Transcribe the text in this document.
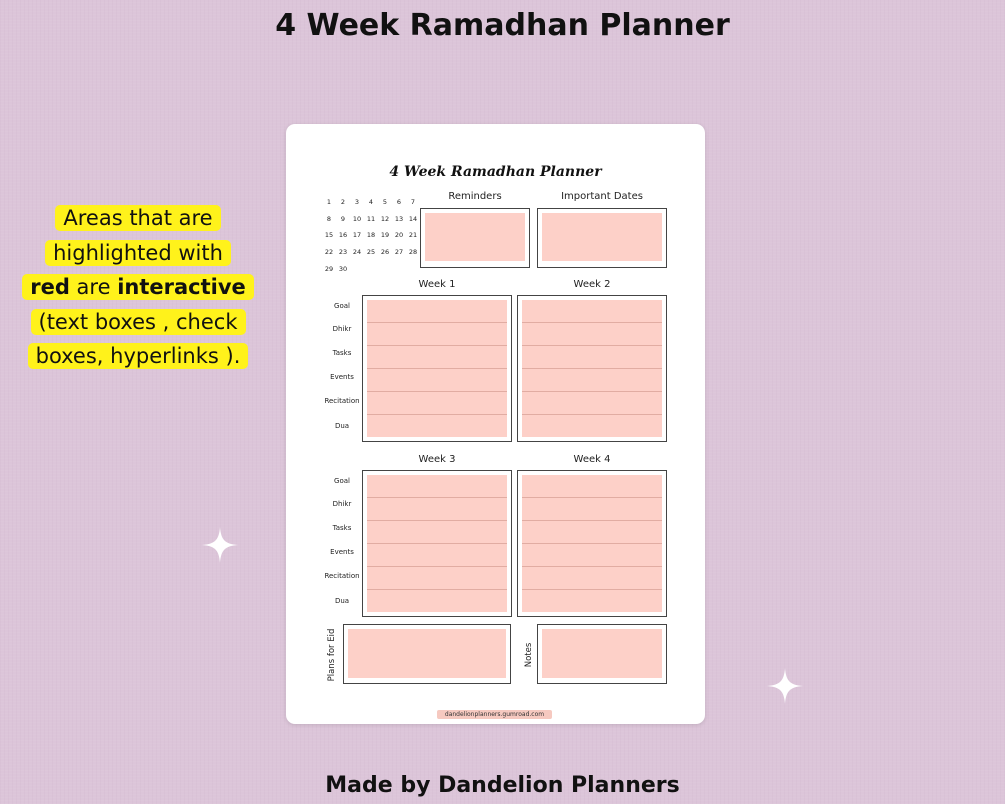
4 Week Ramadhan Planner
Areas that are
highlighted with
red are interactive
(text boxes , check
boxes, hyperlinks ).
4 Week Ramadhan Planner
1	2	3	4	5	6	7
8	9	10 11 12 13 14
15 16 17 18 19 20 21
22 23 24 25 26 27 28
29 30
Reminders	Important Dates
Week 1	Week 2
Goal
Dhikr
Tasks
Events
Recitation
Dua
Week 3	Week 4
Goal
Dhikr
Tasks
Events
Recitation
Dua
Plans for Eid	Notes
dandelionplanners.gumroad.com
Made by Dandelion Planners
